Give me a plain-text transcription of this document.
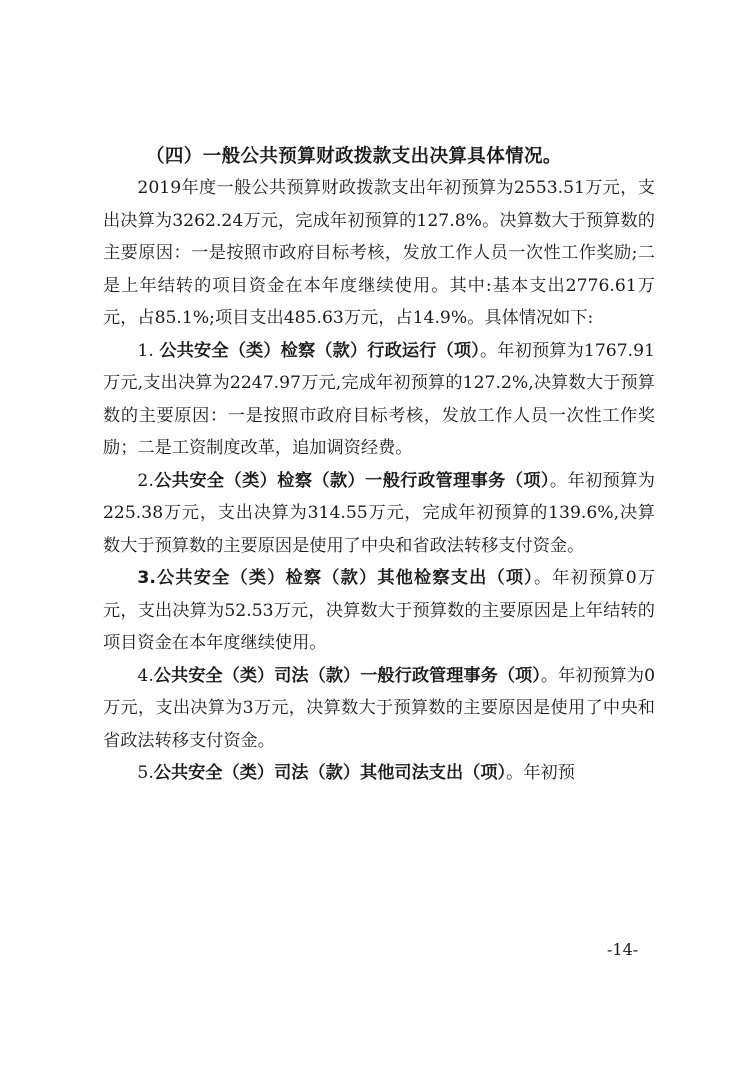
（四）一般公共预算财政拨款支出决算具体情况。

2019年度一般公共预算财政拨款支出年初预算为2553.51万元，支出决算为3262.24万元，完成年初预算的127.8%。决算数大于预算数的主要原因：一是按照市政府目标考核，发放工作人员一次性工作奖励;二是上年结转的项目资金在本年度继续使用。其中:基本支出2776.61万元，占85.1%;项目支出485.63万元，占14.9%。具体情况如下:

1. 公共安全（类）检察（款）行政运行（项）。年初预算为1767.91万元,支出决算为2247.97万元,完成年初预算的127.2%,决算数大于预算数的主要原因：一是按照市政府目标考核，发放工作人员一次性工作奖励；二是工资制度改革，追加调资经费。

2.公共安全（类）检察（款）一般行政管理事务（项）。年初预算为225.38万元，支出决算为314.55万元，完成年初预算的139.6%,决算数大于预算数的主要原因是使用了中央和省政法转移支付资金。

3.公共安全（类）检察（款）其他检察支出（项）。年初预算0万元，支出决算为52.53万元，决算数大于预算数的主要原因是上年结转的项目资金在本年度继续使用。

4.公共安全（类）司法（款）一般行政管理事务（项）。年初预算为0万元，支出决算为3万元，决算数大于预算数的主要原因是使用了中央和省政法转移支付资金。

5.公共安全（类）司法（款）其他司法支出（项）。年初预

-14-
